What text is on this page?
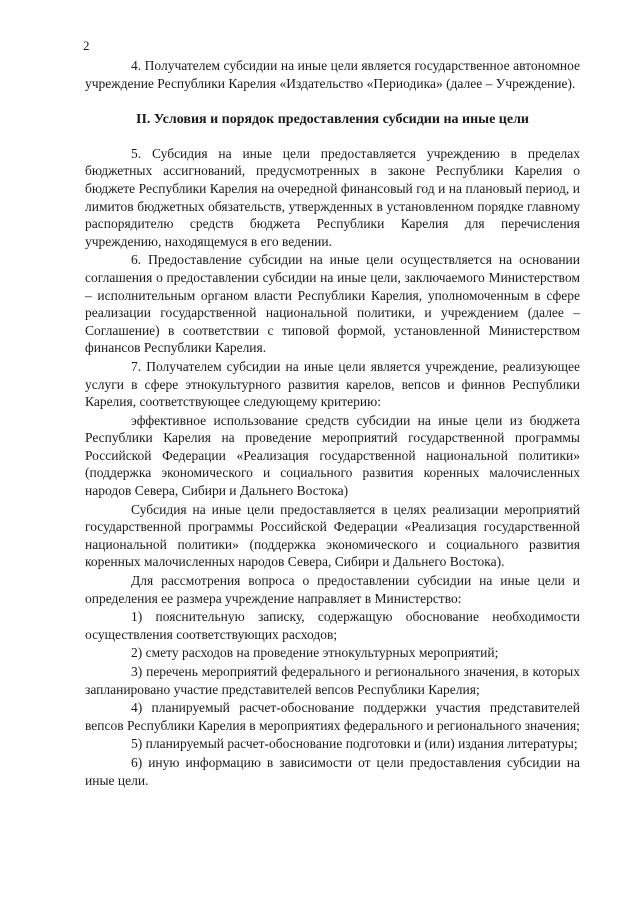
2

4. Получателем субсидии на иные цели является государственное автономное учреждение Республики Карелия «Издательство «Периодика» (далее – Учреждение).

II. Условия и порядок предоставления субсидии на иные цели

5. Субсидия на иные цели предоставляется учреждению в пределах бюджетных ассигнований, предусмотренных в законе Республики Карелия о бюджете Республики Карелия на очередной финансовый год и на плановый период, и лимитов бюджетных обязательств, утвержденных в установленном порядке главному распорядителю средств бюджета Республики Карелия для перечисления учреждению, находящемуся в его ведении.

6. Предоставление субсидии на иные цели осуществляется на основании соглашения о предоставлении субсидии на иные цели, заключаемого Министерством – исполнительным органом власти Республики Карелия, уполномоченным в сфере реализации государственной национальной политики, и учреждением (далее – Соглашение) в соответствии с типовой формой, установленной Министерством финансов Республики Карелия.

7. Получателем субсидии на иные цели является учреждение, реализующее услуги в сфере этнокультурного развития карелов, вепсов и финнов Республики Карелия, соответствующее следующему критерию:

эффективное использование средств субсидии на иные цели из бюджета Республики Карелия на проведение мероприятий государственной программы Российской Федерации «Реализация государственной национальной политики» (поддержка экономического и социального развития коренных малочисленных народов Севера, Сибири и Дальнего Востока)

Субсидия на иные цели предоставляется в целях реализации мероприятий государственной программы Российской Федерации «Реализация государственной национальной политики» (поддержка экономического и социального развития коренных малочисленных народов Севера, Сибири и Дальнего Востока).

Для рассмотрения вопроса о предоставлении субсидии на иные цели и определения ее размера учреждение направляет в Министерство:

1) пояснительную записку, содержащую обоснование необходимости осуществления соответствующих расходов;

2) смету расходов на проведение этнокультурных мероприятий;

3) перечень мероприятий федерального и регионального значения, в которых запланировано участие представителей вепсов Республики Карелия;

4) планируемый расчет-обоснование поддержки участия представителей вепсов Республики Карелия в мероприятиях федерального и регионального значения;

5) планируемый расчет-обоснование подготовки и (или) издания литературы;

6) иную информацию в зависимости от цели предоставления субсидии на иные цели.
